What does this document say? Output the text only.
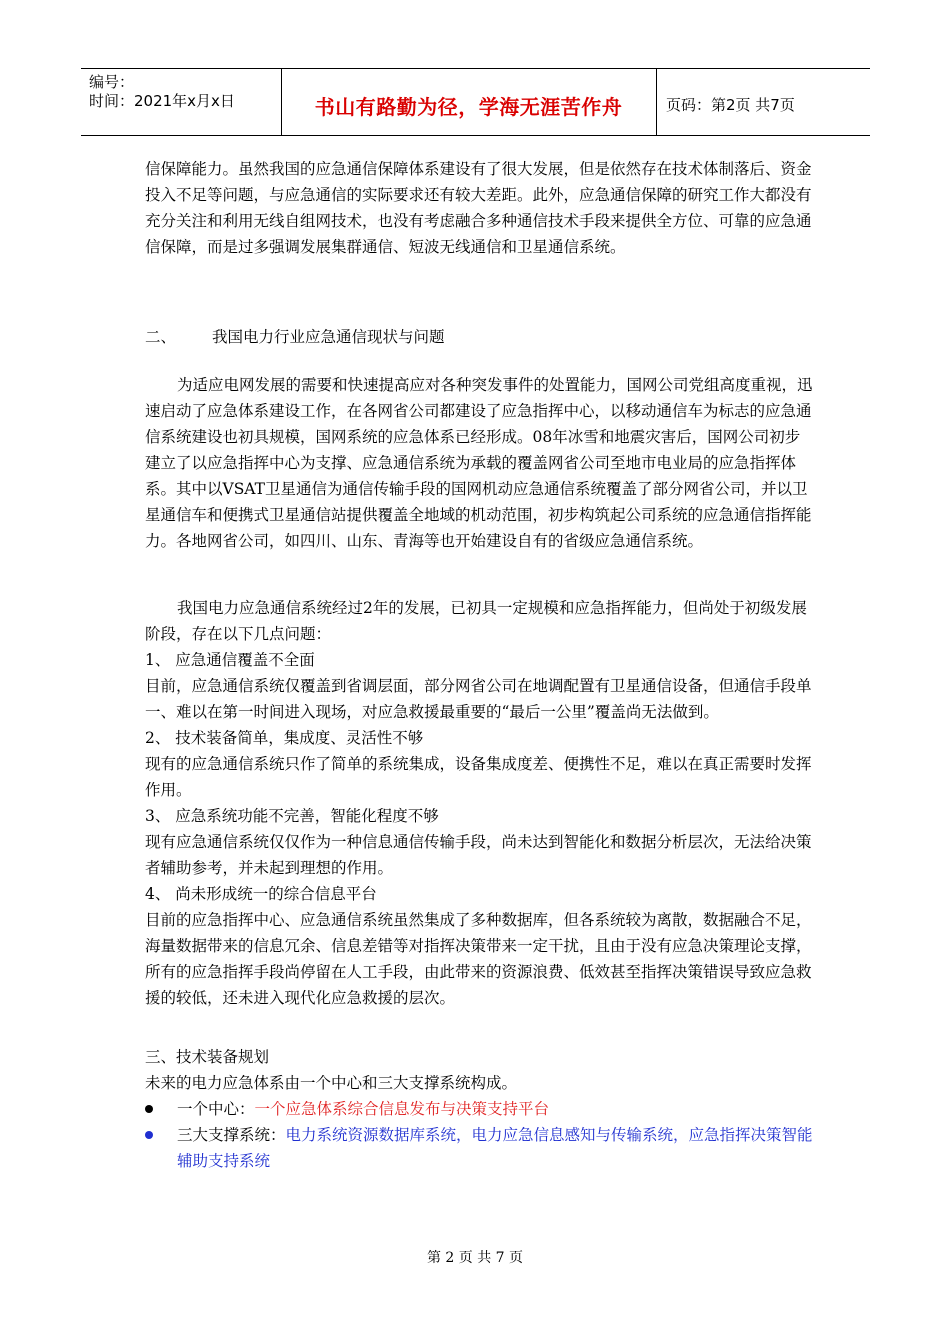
编号：
时间：2021年x月x日	书山有路勤为径，学海无涯苦作舟	页码：第2页 共7页

信保障能力。虽然我国的应急通信保障体系建设有了很大发展，但是依然存在技术体制落后、资金投入不足等问题，与应急通信的实际要求还有较大差距。此外，应急通信保障的研究工作大都没有充分关注和利用无线自组网技术，也没有考虑融合多种通信技术手段来提供全方位、可靠的应急通信保障，而是过多强调发展集群通信、短波无线通信和卫星通信系统。

二、 我国电力行业应急通信现状与问题

为适应电网发展的需要和快速提高应对各种突发事件的处置能力，国网公司党组高度重视，迅速启动了应急体系建设工作，在各网省公司都建设了应急指挥中心，以移动通信车为标志的应急通信系统建设也初具规模，国网系统的应急体系已经形成。08年冰雪和地震灾害后，国网公司初步建立了以应急指挥中心为支撑、应急通信系统为承载的覆盖网省公司至地市电业局的应急指挥体系。其中以VSAT卫星通信为通信传输手段的国网机动应急通信系统覆盖了部分网省公司，并以卫星通信车和便携式卫星通信站提供覆盖全地域的机动范围，初步构筑起公司系统的应急通信指挥能力。各地网省公司，如四川、山东、青海等也开始建设自有的省级应急通信系统。

我国电力应急通信系统经过2年的发展，已初具一定规模和应急指挥能力，但尚处于初级发展阶段，存在以下几点问题：

1、 应急通信覆盖不全面

目前，应急通信系统仅覆盖到省调层面，部分网省公司在地调配置有卫星通信设备，但通信手段单一、难以在第一时间进入现场，对应急救援最重要的“最后一公里”覆盖尚无法做到。

2、 技术装备简单，集成度、灵活性不够

现有的应急通信系统只作了简单的系统集成，设备集成度差、便携性不足，难以在真正需要时发挥作用。

3、 应急系统功能不完善，智能化程度不够

现有应急通信系统仅仅作为一种信息通信传输手段，尚未达到智能化和数据分析层次，无法给决策者辅助参考，并未起到理想的作用。

4、 尚未形成统一的综合信息平台

目前的应急指挥中心、应急通信系统虽然集成了多种数据库，但各系统较为离散，数据融合不足，海量数据带来的信息冗余、信息差错等对指挥决策带来一定干扰，且由于没有应急决策理论支撑，所有的应急指挥手段尚停留在人工手段，由此带来的资源浪费、低效甚至指挥决策错误导致应急救援的较低，还未进入现代化应急救援的层次。

三、技术装备规划

未来的电力应急体系由一个中心和三大支撑系统构成。

一个中心：一个应急体系综合信息发布与决策支持平台
三大支撑系统：电力系统资源数据库系统，电力应急信息感知与传输系统，应急指挥决策智能辅助支持系统
第 2 页 共 7 页
